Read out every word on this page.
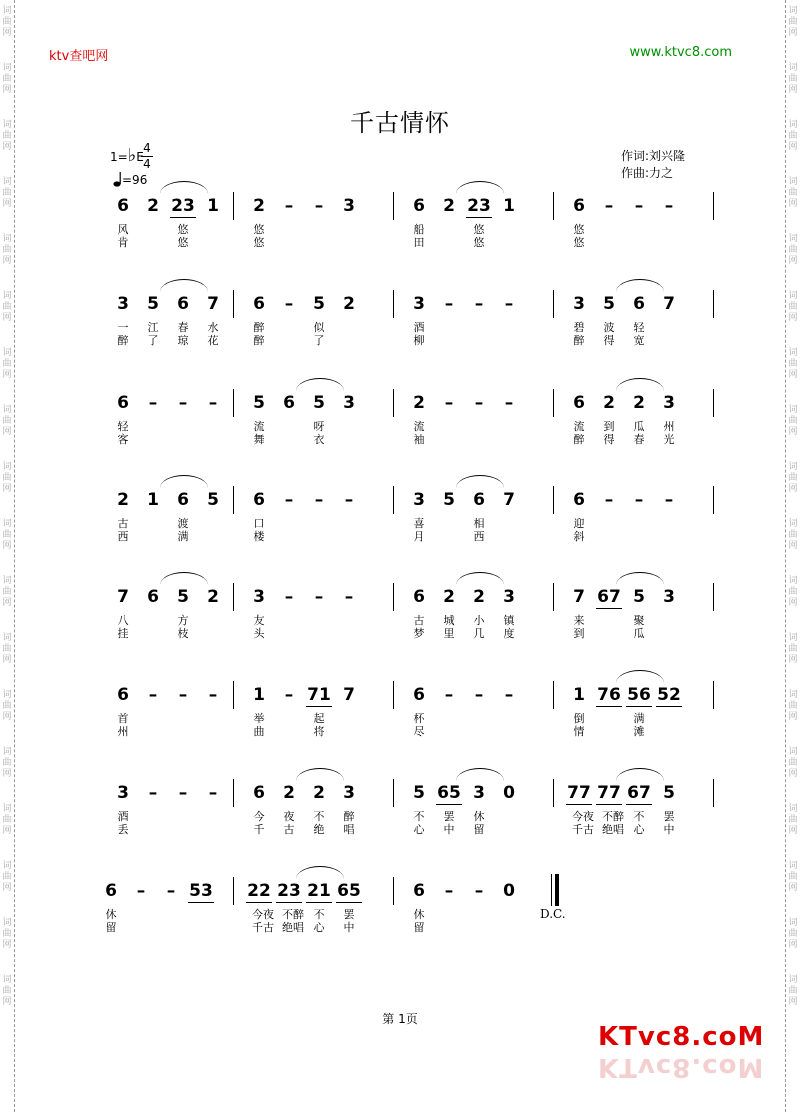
词曲网
词曲网
词曲网
词曲网
词曲网
词曲网
词曲网
词曲网
词曲网
词曲网
词曲网
词曲网
词曲网
词曲网
词曲网
词曲网
词曲网
词曲网
词曲网
词曲网
词曲网
词曲网
词曲网
词曲网
词曲网
词曲网
词曲网
词曲网
词曲网
词曲网
词曲网
词曲网
词曲网
词曲网
词曲网
词曲网
ktv查吧网	www.ktvc8.com
千古情怀
1=♭E
4
4
=96
作词:刘兴隆
作曲:力之
6
风
肯
2 23
悠
悠
1 2
悠
悠
– – 3	6
船
田
2 23
悠
悠
1	6
悠
悠
– – –
3
一
醉
5
江
了
6
春
琼
7
水
花
6
醉
醉
– 5
似
了
2	3
酒
柳
– – –	3
碧
醉
5
波
得
6
轻
宽
7
6
轻
客
– – – 5
流
舞
6 5
呀
衣
3	2
流
袖
– – –	6
流
醉
2
到
得
2
瓜
春
3
州
光
2
古
西
1 6
渡
满
5 6
口
楼
– – –	3
喜
月
5 6
相
西
7	6
迎
斜
– – –
7
八
挂
6 5
方
枝
2 3
友
头
– – –	6
古
梦
2
城
里
2
小
几
3
镇
度
7
来
到
67 5
聚
瓜
3
6
首
州
– – – 1
举
曲
– 71
起
将
7	6
杯
尽
– – –	1
倒
情
76 56
满
滩
52
3
酒
丢
– – – 6
今
千
2
夜
古
2
不
绝
3
醉
唱
5
不
心
65
罢
中
3
休
留
0	77
今夜
千古
77
不醉
绝唱
67
不
心
5
罢
中
6
休
留
– – 53 22
今夜
千古
23
不醉
绝唱
21
不
心
65
罢
中
6
休
留
– – 0
D.C.
第 1页
KTvc8.coM
KTvc8.coM
